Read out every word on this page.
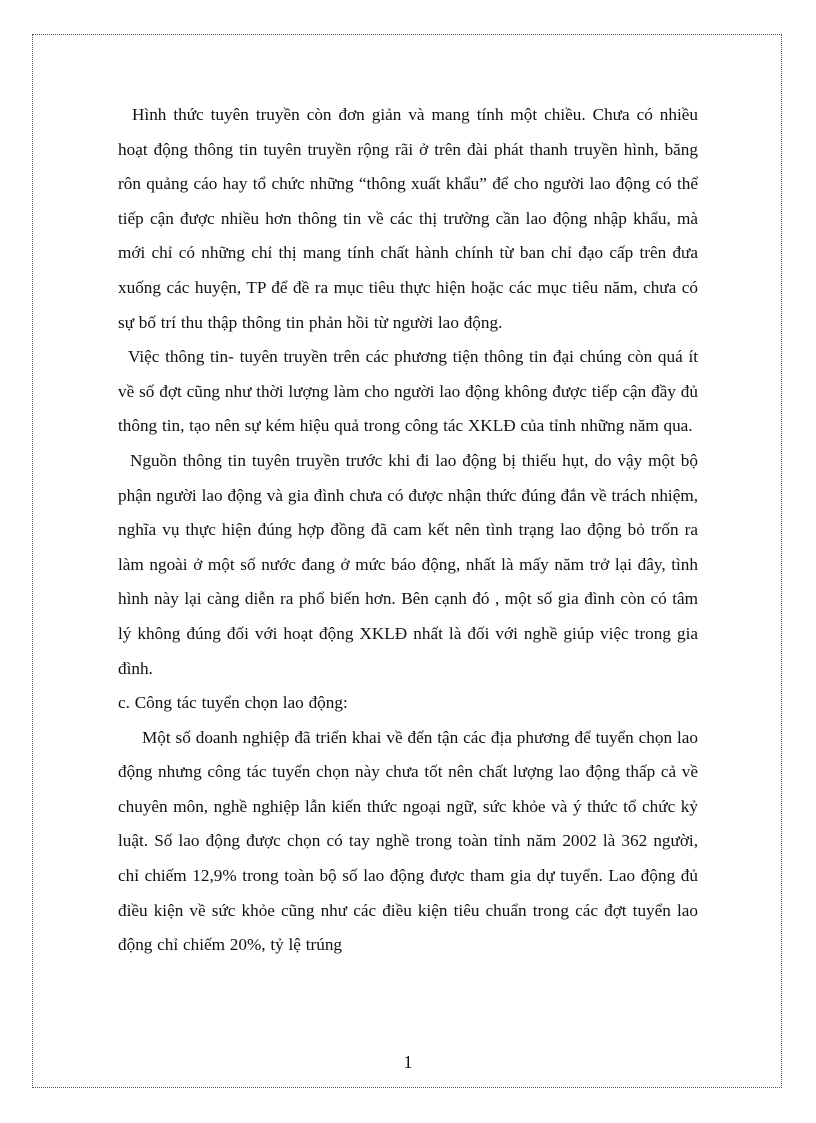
Hình thức tuyên truyền còn đơn giản và mang tính một chiều. Chưa có nhiều hoạt động thông tin tuyên truyền rộng rãi ở trên đài phát thanh truyền hình, băng rôn quảng cáo hay tổ chức những “thông xuất khẩu” để cho người lao động có thể tiếp cận được nhiều hơn thông tin về các thị trường cần lao động nhập khẩu, mà mới chỉ có những chỉ thị mang tính chất hành chính từ ban chỉ đạo cấp trên đưa xuống các huyện, TP để đề ra mục tiêu thực hiện hoặc các mục tiêu năm, chưa có sự bố trí thu thập thông tin phản hồi từ người lao động.

Việc thông tin- tuyên truyền trên các phương tiện thông tin đại chúng còn quá ít về số đợt cũng như thời lượng làm cho người lao động không được tiếp cận đầy đủ thông tin, tạo nên sự kém hiệu quả trong công tác XKLĐ của tỉnh những năm qua.

Nguồn thông tin tuyên truyền trước khi đi lao động bị thiếu hụt, do vậy một bộ phận người lao động và gia đình chưa có được nhận thức đúng đắn về trách nhiệm, nghĩa vụ thực hiện đúng hợp đồng đã cam kết nên tình trạng lao động bỏ trốn ra làm ngoài ở một số nước đang ở mức báo động, nhất là mấy năm trở lại đây, tình hình này lại càng diễn ra phổ biến hơn. Bên cạnh đó , một số gia đình còn có tâm lý không đúng đối với hoạt động XKLĐ nhất là đối với nghề giúp việc trong gia đình.

c. Công tác tuyển chọn lao động:

Một số doanh nghiệp đã triển khai về đến tận các địa phương để tuyển chọn lao động nhưng công tác tuyển chọn này chưa tốt nên chất lượng lao động thấp cả về chuyên môn, nghề nghiệp lẫn kiến thức ngoại ngữ, sức khỏe và ý thức tổ chức kỷ luật. Số lao động được chọn có tay nghề trong toàn tỉnh năm 2002 là 362 người, chỉ chiếm 12,9% trong toàn bộ số lao động được tham gia dự tuyển. Lao động đủ điều kiện về sức khỏe cũng như các điều kiện tiêu chuẩn trong các đợt tuyển lao động chỉ chiếm 20%, tỷ lệ trúng

1
